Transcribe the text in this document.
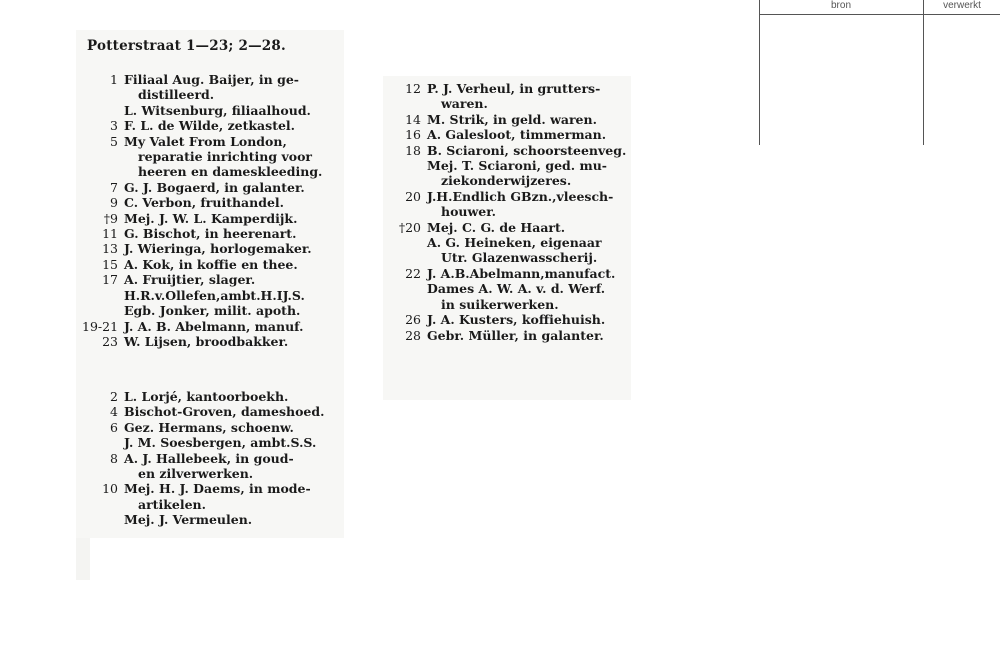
bron	verwerkt
Potterstraat 1—23; 2—28.
1 Filiaal Aug. Baijer, in ge-
distilleerd.
L. Witsenburg, filiaalhoud.
3 F. L. de Wilde, zetkastel.
5 My Valet From London,
reparatie inrichting voor
heeren en dameskleeding.
7 G. J. Bogaerd, in galanter.
9 C. Verbon, fruithandel.
†9 Mej. J. W. L. Kamperdijk.
11 G. Bischot, in heerenart.
13 J. Wieringa, horlogemaker.
15 A. Kok, in koffie en thee.
17 A. Fruijtier, slager.
H.R.v.Ollefen,ambt.H.IJ.S.
Egb. Jonker, milit. apoth.
19-21 J. A. B. Abelmann, manuf.
23 W. Lijsen, broodbakker.
2 L. Lorjé, kantoorboekh.
4 Bischot-Groven, dameshoed.
6 Gez. Hermans, schoenw.
J. M. Soesbergen, ambt.S.S.
8 A. J. Hallebeek, in goud-
en zilverwerken.
10 Mej. H. J. Daems, in mode-
artikelen.
Mej. J. Vermeulen.
12 P. J. Verheul, in grutters-
waren.
14 M. Strik, in geld. waren.
16 A. Galesloot, timmerman.
18 B. Sciaroni, schoorsteenveg.
Mej. T. Sciaroni, ged. mu-
ziekonderwijzeres.
20 J.H.Endlich GBzn.,vleesch-
houwer.
†20 Mej. C. G. de Haart.
A. G. Heineken, eigenaar
Utr. Glazenwasscherij.
22 J. A.B.Abelmann,manufact.
Dames A. W. A. v. d. Werf.
in suikerwerken.
26 J. A. Kusters, koffiehuish.
28 Gebr. Müller, in galanter.
